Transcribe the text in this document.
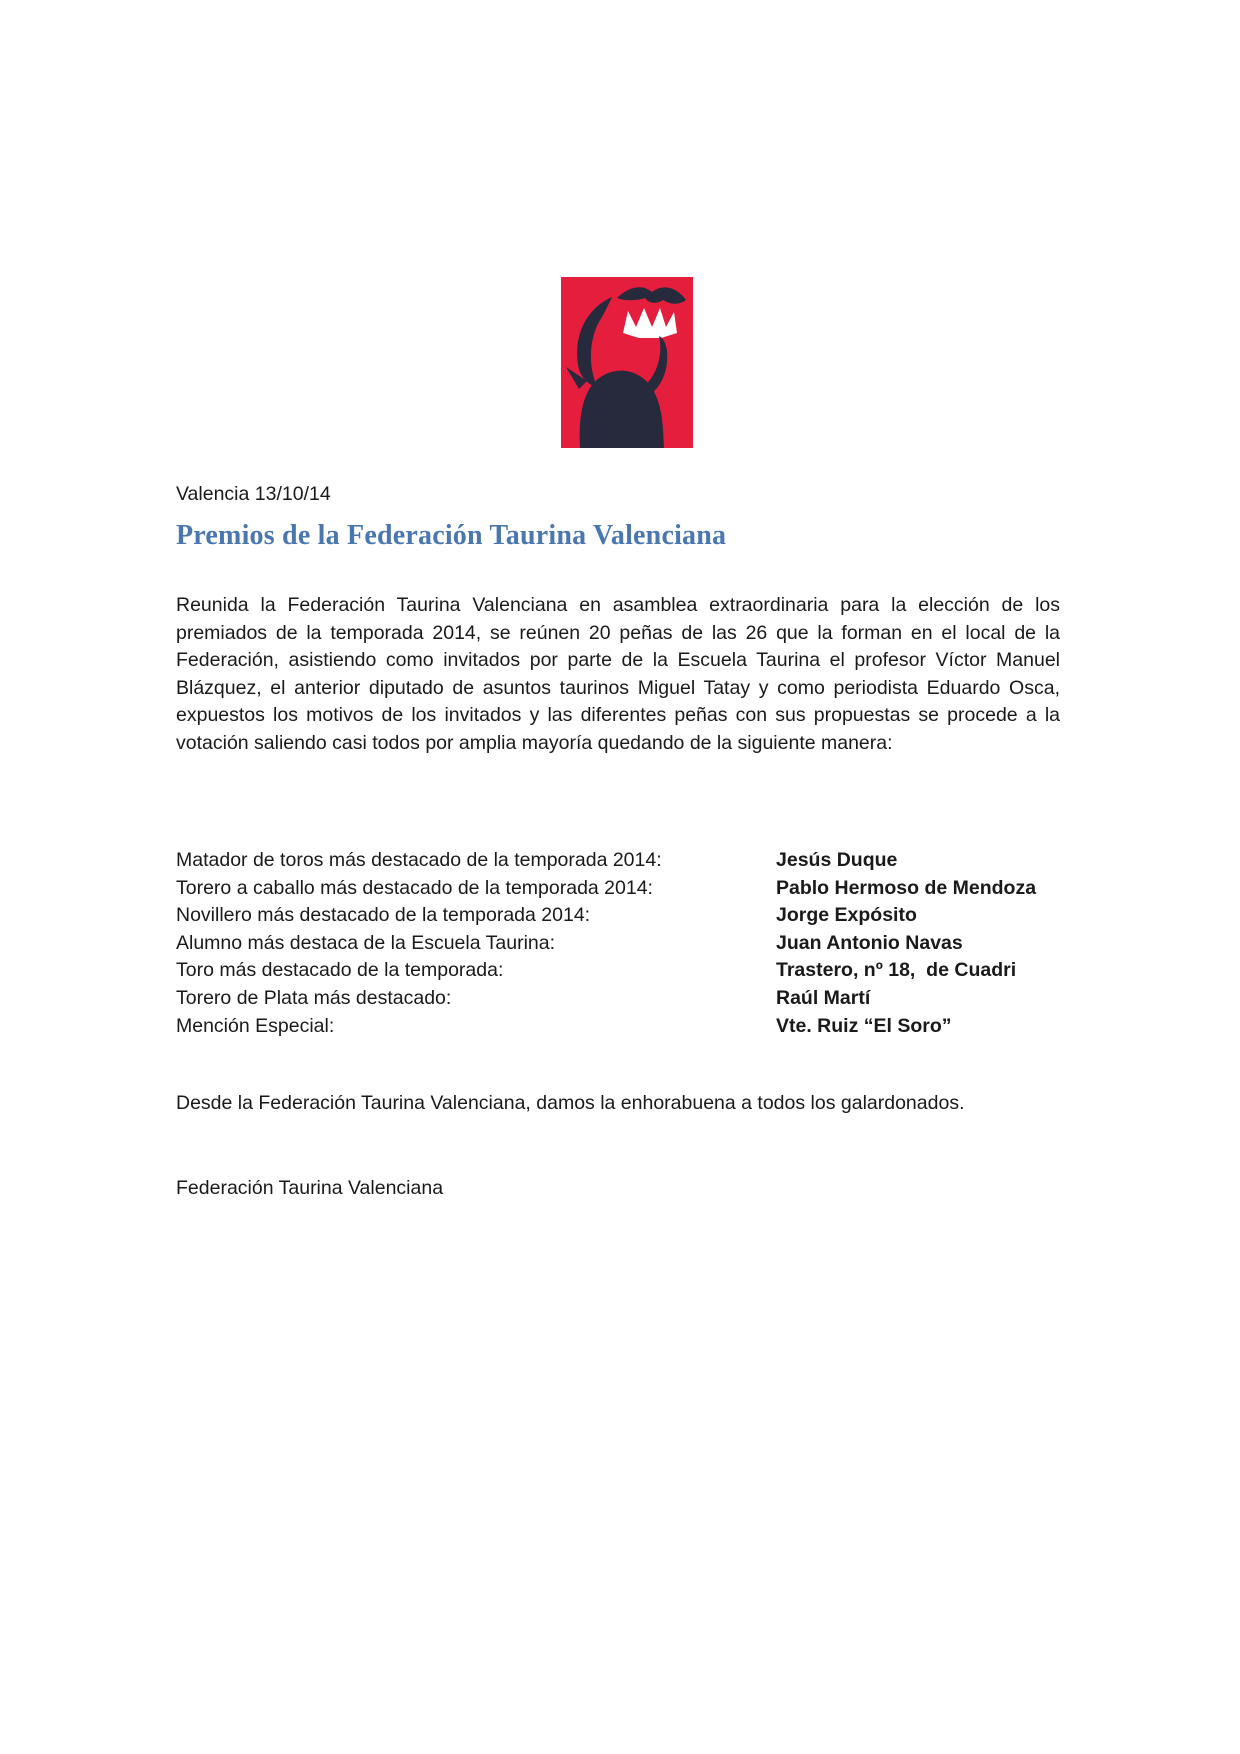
Valencia 13/10/14
Premios de la Federación Taurina Valenciana

Reunida la Federación Taurina Valenciana en asamblea extraordinaria para la elección de los premiados de la temporada 2014, se reúnen 20 peñas de las 26 que la forman en el local de la Federación, asistiendo como invitados por parte de la Escuela Taurina el profesor Víctor Manuel Blázquez, el anterior diputado de asuntos taurinos Miguel Tatay y como periodista Eduardo Osca, expuestos los motivos de los invitados y las diferentes peñas con sus propuestas se procede a la votación saliendo casi todos por amplia mayoría quedando de la siguiente manera:

Matador de toros más destacado de la temporada 2014:	Jesús Duque
Torero a caballo más destacado de la temporada 2014:	Pablo Hermoso de Mendoza
Novillero más destacado de la temporada 2014:	Jorge Expósito
Alumno más destaca de la Escuela Taurina:	Juan Antonio Navas
Toro más destacado de la temporada:	Trastero, nº 18,  de Cuadri
Torero de Plata más destacado:	Raúl Martí
Mención Especial:	Vte. Ruiz “El Soro”

Desde la Federación Taurina Valenciana, damos la enhorabuena a todos los galardonados.

Federación Taurina Valenciana
